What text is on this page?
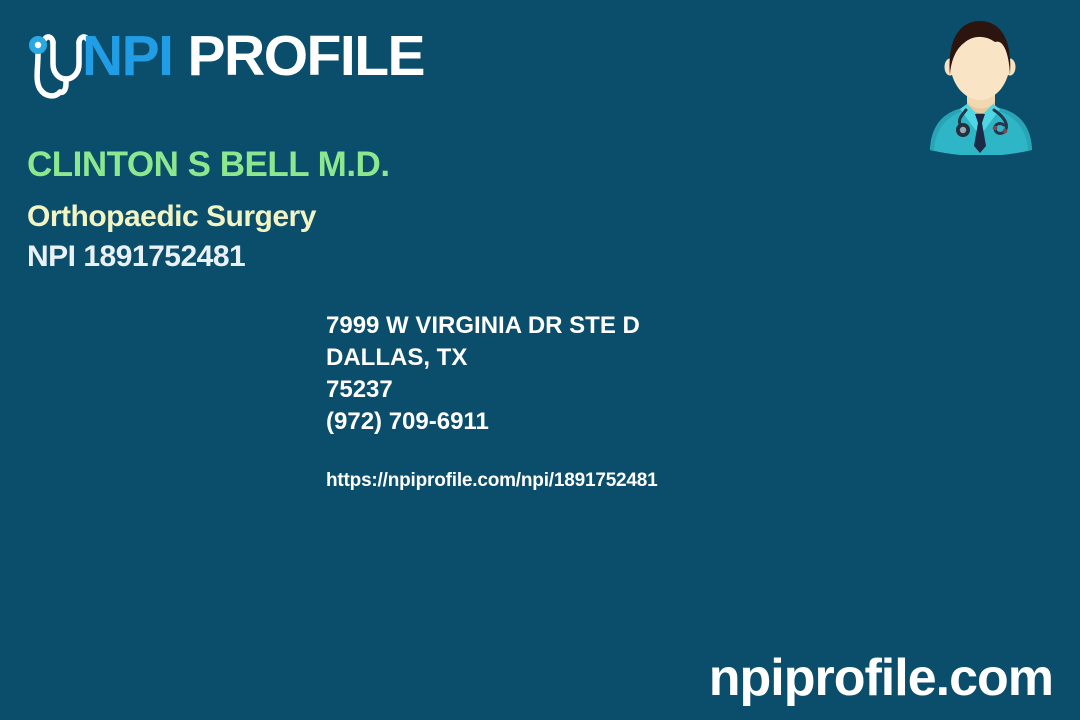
NPI PROFILE
CLINTON S BELL M.D.
Orthopaedic Surgery
NPI 1891752481
7999 W VIRGINIA DR STE D
DALLAS, TX
75237
(972) 709-6911
https://npiprofile.com/npi/1891752481
npiprofile.com
